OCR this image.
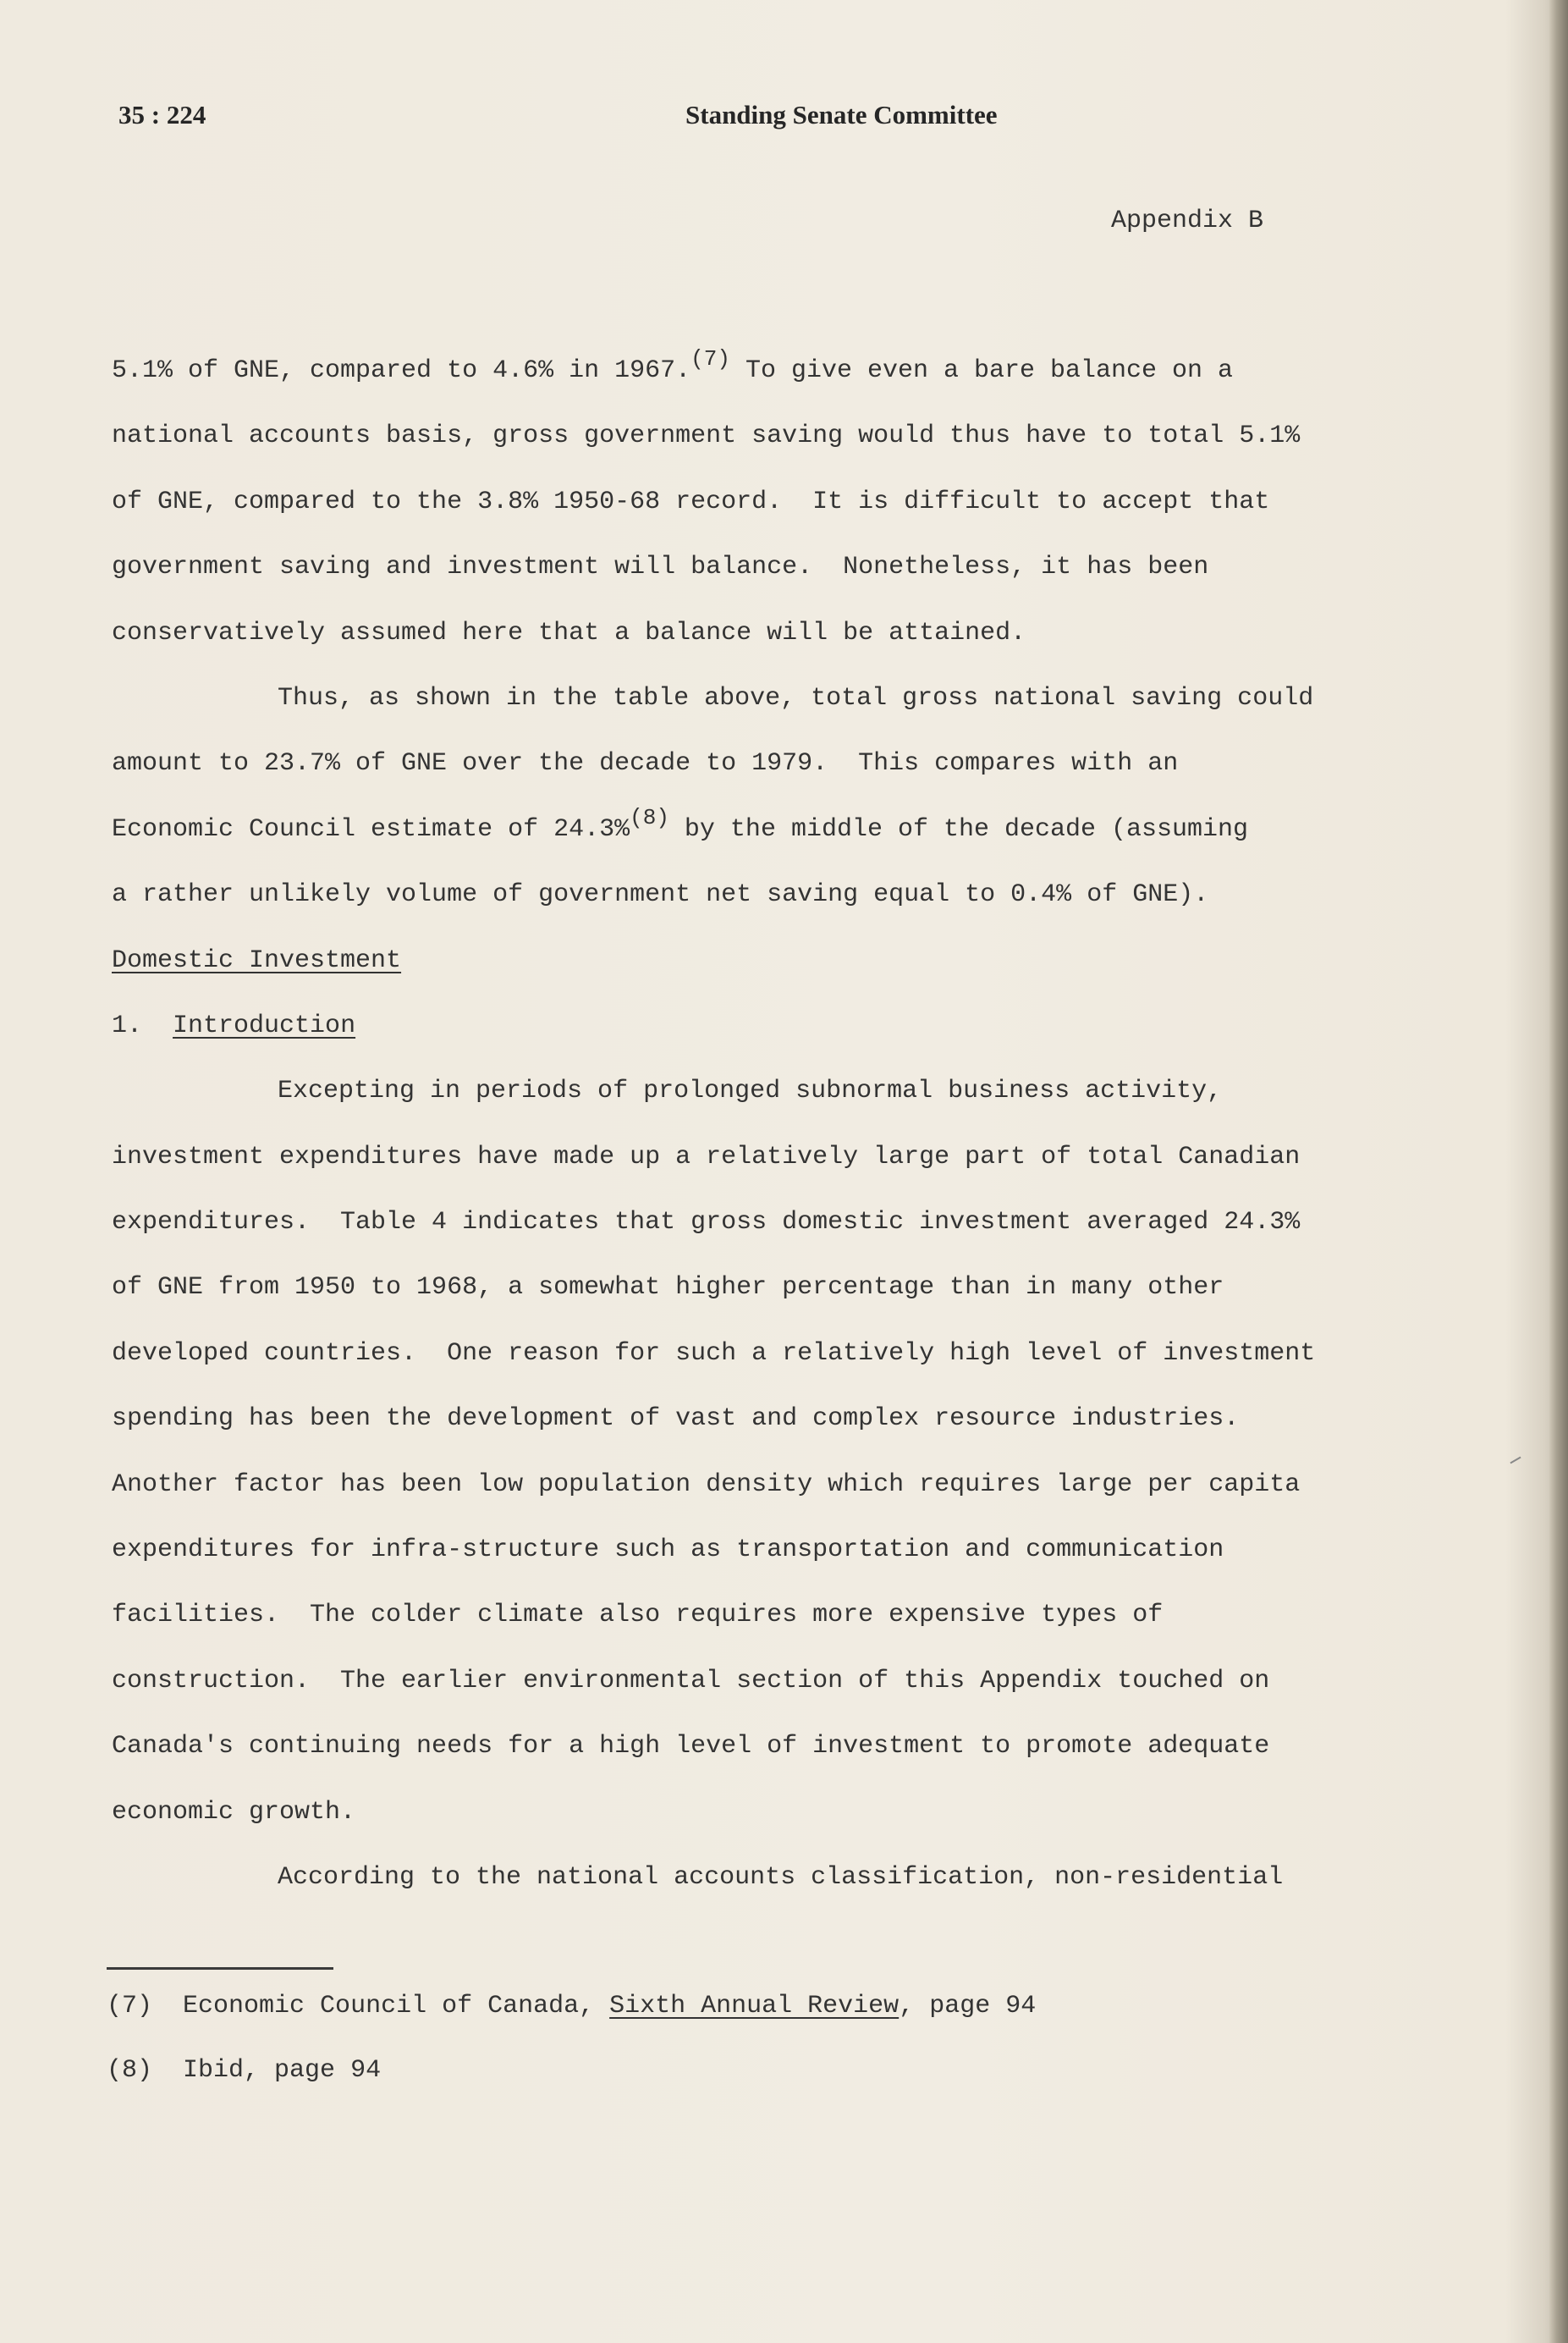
35 : 224	Standing Senate Committee
Appendix B
5.1% of GNE, compared to 4.6% in 1967.$^{(7)}$ To give even a bare balance on a
national accounts basis, gross government saving would thus have to total 5.1%
of GNE, compared to the 3.8% 1950-68 record.  It is difficult to accept that
government saving and investment will balance.  Nonetheless, it has been
conservatively assumed here that a balance will be attained.
Thus, as shown in the table above, total gross national saving could
amount to 23.7% of GNE over the decade to 1979.  This compares with an
Economic Council estimate of 24.3%$^{(8)}$ by the middle of the decade (assuming
a rather unlikely volume of government net saving equal to 0.4% of GNE).
Domestic Investment
1. Introduction
Excepting in periods of prolonged subnormal business activity,
investment expenditures have made up a relatively large part of total Canadian
expenditures.  Table 4 indicates that gross domestic investment averaged 24.3%
of GNE from 1950 to 1968, a somewhat higher percentage than in many other
developed countries.  One reason for such a relatively high level of investment
spending has been the development of vast and complex resource industries.
Another factor has been low population density which requires large per capita
expenditures for infra-structure such as transportation and communication
facilities.  The colder climate also requires more expensive types of
construction.  The earlier environmental section of this Appendix touched on
Canada's continuing needs for a high level of investment to promote adequate
economic growth.
According to the national accounts classification, non-residential
(7) Economic Council of Canada, Sixth Annual Review, page 94
(8) Ibid, page 94
